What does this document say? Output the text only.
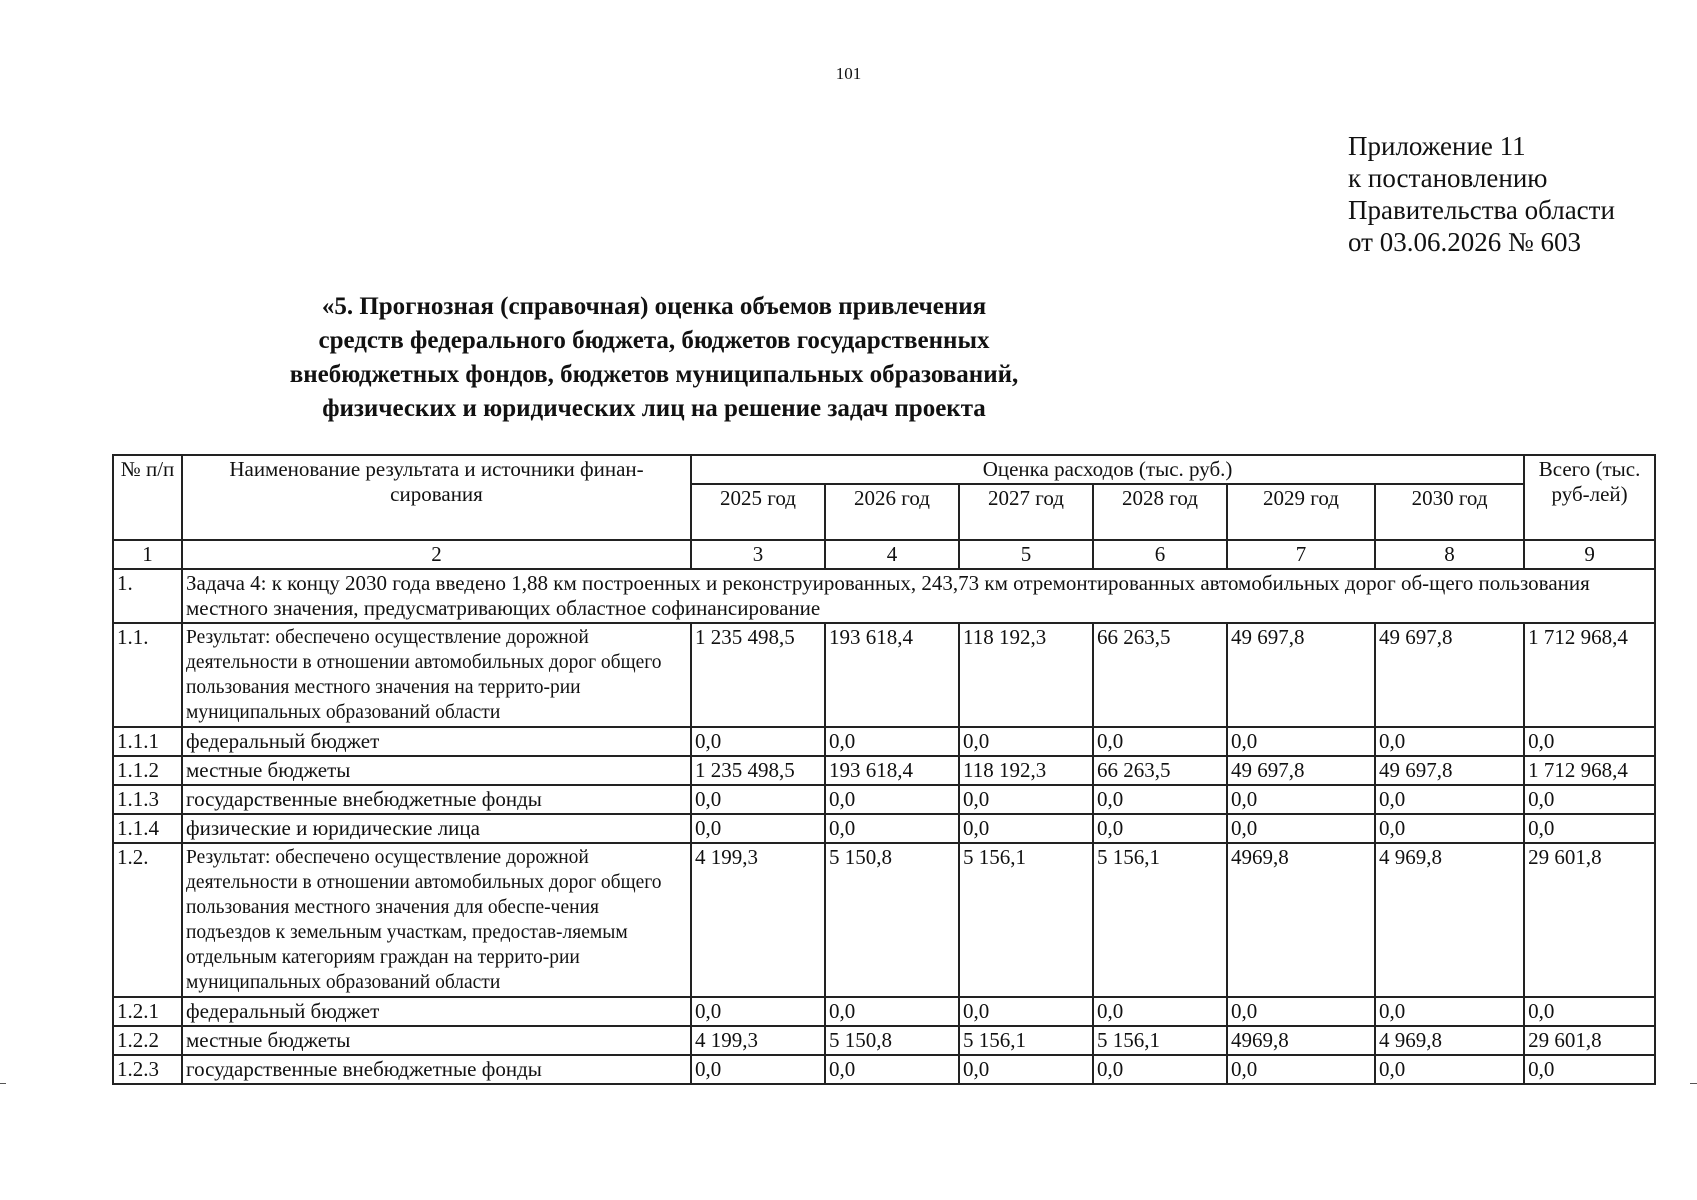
101
Приложение 11
к постановлению
Правительства области
от 03.06.2026 № 603
«5. Прогнозная (справочная) оценка объемов привлечения
средств федерального бюджета, бюджетов государственных
внебюджетных фондов, бюджетов муниципальных образований,
физических и юридических лиц на решение задач проекта
№ п/п	Наименование результата и источники финан-сирования	Оценка расходов (тыс. руб.)						Всего (тыс. руб-лей)
		2025 год	2026 год	2027 год	2028 год	2029 год	2030 год	
1	2	3	4	5	6	7	8	9
1.	Задача 4: к концу 2030 года введено 1,88 км построенных и реконструированных, 243,73 км отремонтированных автомобильных дорог об-щего пользования местного значения, предусматривающих областное софинансирование							
1.1.	Результат: обеспечено осуществление дорожной деятельности в отношении автомобильных дорог общего пользования местного значения на террито-рии муниципальных образований области	1 235 498,5	193 618,4	118 192,3	66 263,5	49 697,8	49 697,8	1 712 968,4
1.1.1	федеральный бюджет	0,0	0,0	0,0	0,0	0,0	0,0	0,0
1.1.2	местные бюджеты	1 235 498,5	193 618,4	118 192,3	66 263,5	49 697,8	49 697,8	1 712 968,4
1.1.3	государственные внебюджетные фонды	0,0	0,0	0,0	0,0	0,0	0,0	0,0
1.1.4	физические и юридические лица	0,0	0,0	0,0	0,0	0,0	0,0	0,0
1.2.	Результат: обеспечено осуществление дорожной деятельности в отношении автомобильных дорог общего пользования местного значения для обеспе-чения подъездов к земельным участкам, предостав-ляемым отдельным категориям граждан на террито-рии муниципальных образований области	4 199,3	5 150,8	5 156,1	5 156,1	4969,8	4 969,8	29 601,8
1.2.1	федеральный бюджет	0,0	0,0	0,0	0,0	0,0	0,0	0,0
1.2.2	местные бюджеты	4 199,3	5 150,8	5 156,1	5 156,1	4969,8	4 969,8	29 601,8
1.2.3	государственные внебюджетные фонды	0,0	0,0	0,0	0,0	0,0	0,0	0,0
